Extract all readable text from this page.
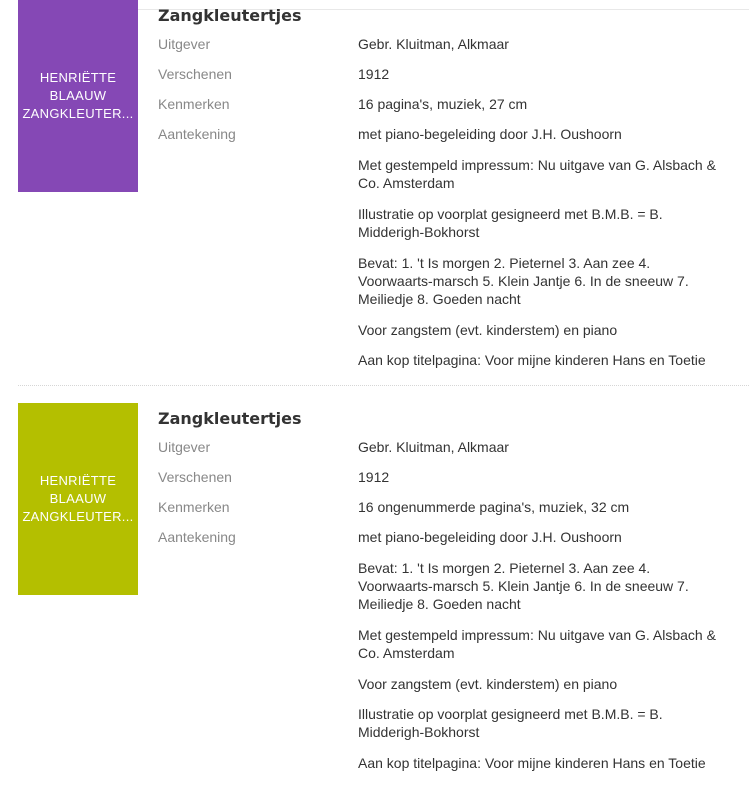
HENRIËTTE BLAAUW ZANGKLEUTER...
Zangkleutertjes
Uitgever	Gebr. Kluitman, Alkmaar
Verschenen	1912
Kenmerken	16 pagina's, muziek, 27 cm
Aantekening	met piano-begeleiding door J.H. Oushoorn
Met gestempeld impressum: Nu uitgave van G. Alsbach & Co. Amsterdam
Illustratie op voorplat gesigneerd met B.M.B. = B. Midderigh-Bokhorst
Bevat: 1. 't Is morgen 2. Pieternel 3. Aan zee 4. Voorwaarts-marsch 5. Klein Jantje 6. In de sneeuw 7. Meiliedje 8. Goeden nacht
Voor zangstem (evt. kinderstem) en piano
Aan kop titelpagina: Voor mijne kinderen Hans en Toetie
HENRIËTTE BLAAUW ZANGKLEUTER...
Zangkleutertjes
Uitgever	Gebr. Kluitman, Alkmaar
Verschenen	1912
Kenmerken	16 ongenummerde pagina's, muziek, 32 cm
Aantekening	met piano-begeleiding door J.H. Oushoorn
Bevat: 1. 't Is morgen 2. Pieternel 3. Aan zee 4. Voorwaarts-marsch 5. Klein Jantje 6. In de sneeuw 7. Meiliedje 8. Goeden nacht
Met gestempeld impressum: Nu uitgave van G. Alsbach & Co. Amsterdam
Voor zangstem (evt. kinderstem) en piano
Illustratie op voorplat gesigneerd met B.M.B. = B. Midderigh-Bokhorst
Aan kop titelpagina: Voor mijne kinderen Hans en Toetie
